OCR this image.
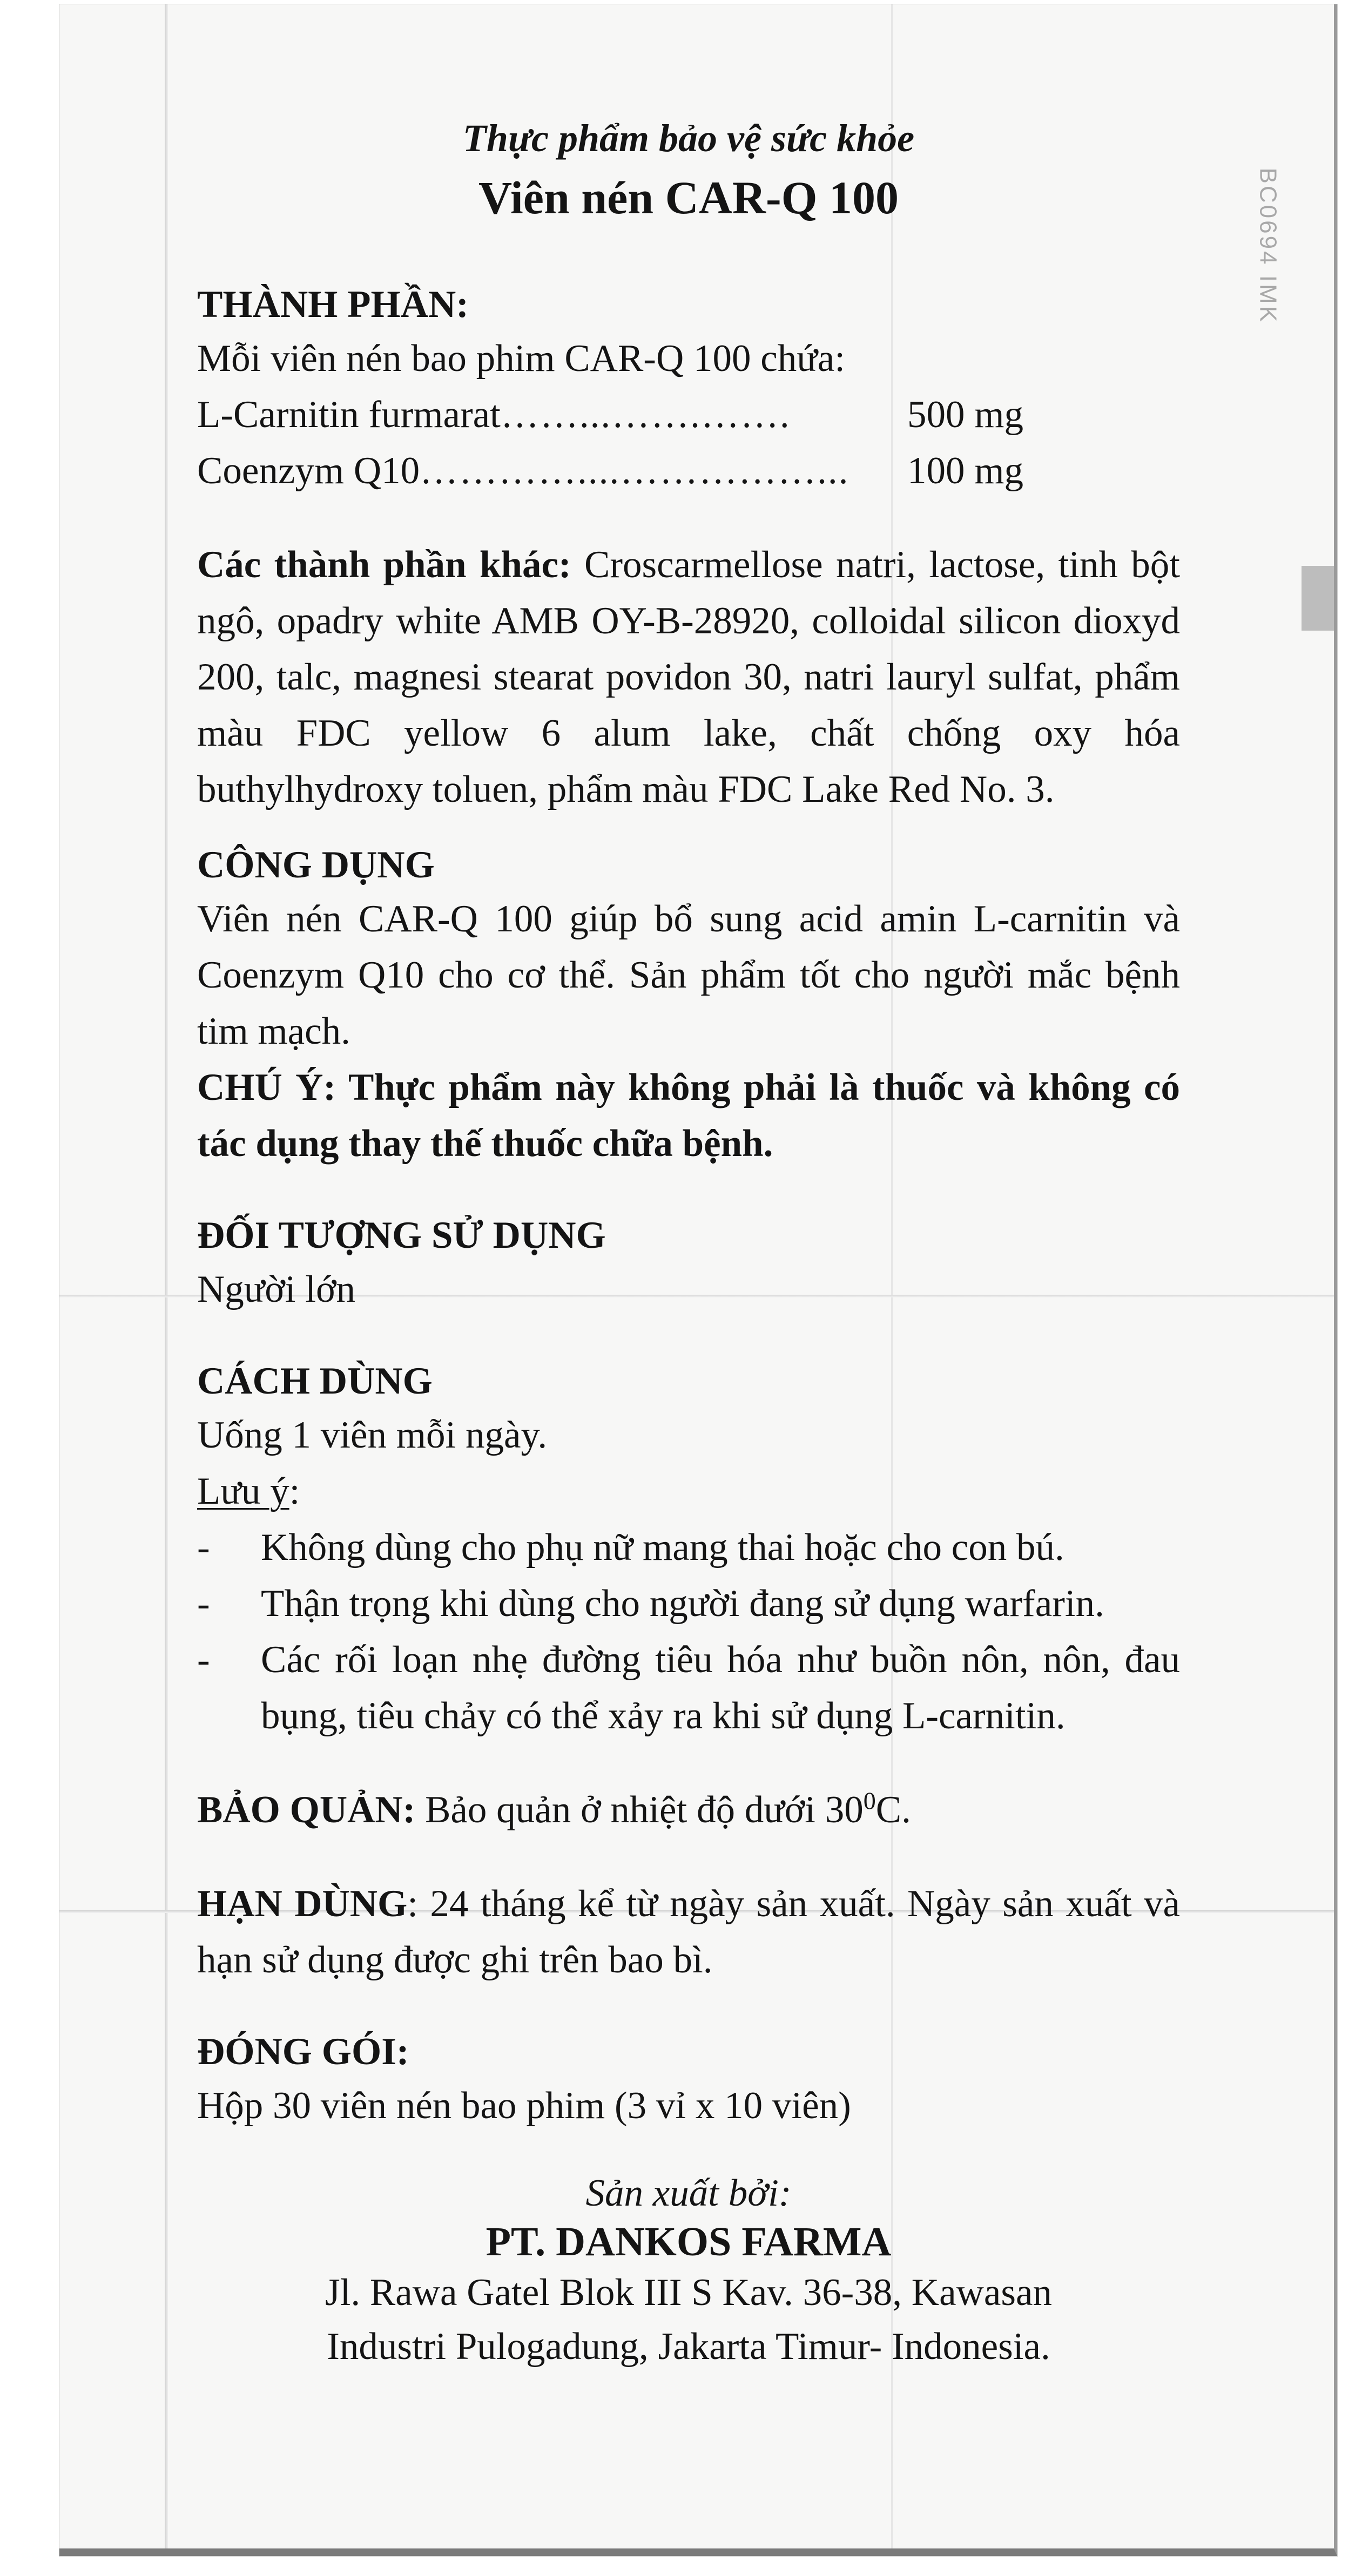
BC0694 IMK

Thực phẩm bảo vệ sức khỏe

Viên nén CAR-Q 100

THÀNH PHẦN:

Mỗi viên nén bao phim CAR-Q 100 chứa:

L-Carnitin furmarat ……...…….…….	500 mg
Coenzym Q10 …………....……………...	100 mg

Các thành phần khác: Croscarmellose natri, lactose, tinh bột ngô, opadry white AMB OY-B-28920, colloidal silicon dioxyd 200, talc, magnesi stearat povidon 30, natri lauryl sulfat, phẩm màu FDC yellow 6 alum lake, chất chống oxy hóa buthylhydroxy toluen, phẩm màu FDC Lake Red No. 3.

CÔNG DỤNG

Viên nén CAR-Q 100 giúp bổ sung acid amin L-carnitin và Coenzym Q10 cho cơ thể. Sản phẩm tốt cho người mắc bệnh tim mạch.

CHÚ Ý: Thực phẩm này không phải là thuốc và không có tác dụng thay thế thuốc chữa bệnh.

ĐỐI TƯỢNG SỬ DỤNG

Người lớn

CÁCH DÙNG

Uống 1 viên mỗi ngày.

Lưu ý:

-	Không dùng cho phụ nữ mang thai hoặc cho con bú.
-	Thận trọng khi dùng cho người đang sử dụng warfarin.
-	Các rối loạn nhẹ đường tiêu hóa như buồn nôn, nôn, đau bụng, tiêu chảy có thể xảy ra khi sử dụng L-carnitin.

BẢO QUẢN: Bảo quản ở nhiệt độ dưới $30^0C$.

HẠN DÙNG: 24 tháng kể từ ngày sản xuất. Ngày sản xuất và hạn sử dụng được ghi trên bao bì.

ĐÓNG GÓI:

Hộp 30 viên nén bao phim (3 vỉ x 10 viên)

Sản xuất bởi:

PT. DANKOS FARMA

Jl. Rawa Gatel Blok III S Kav. 36-38, Kawasan

Industri Pulogadung, Jakarta Timur- Indonesia.
